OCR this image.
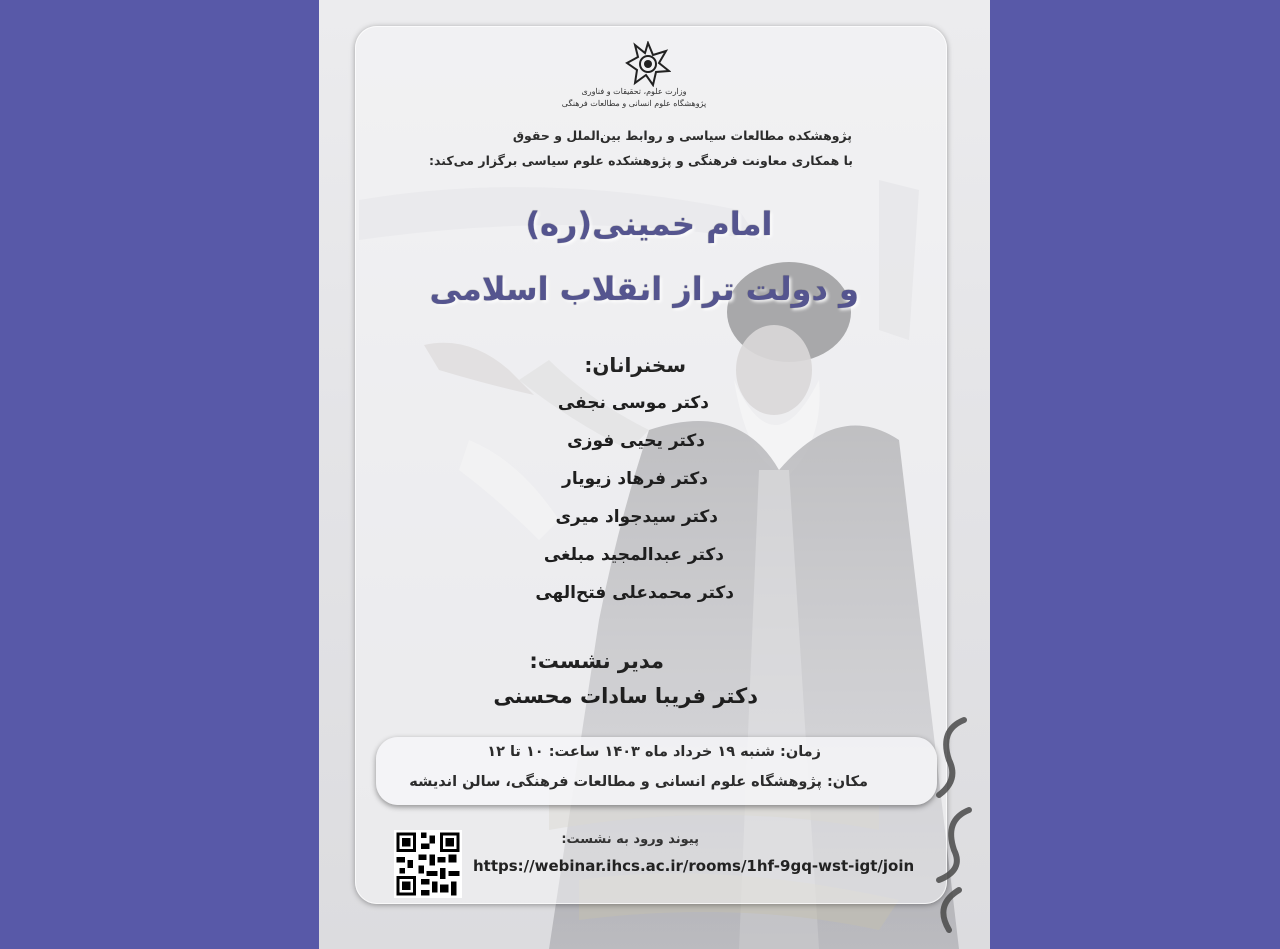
وزارت علوم، تحقیقات و فناوری
پژوهشگاه علوم انسانی و مطالعات فرهنگی
پژوهشکده مطالعات سیاسی و روابط بین‌الملل و حقوق
با همکاری معاونت فرهنگی و پژوهشکده علوم سیاسی برگزار می‌کند:
امام خمینی(ره)
و دولت تراز انقلاب اسلامی
سخنرانان:
دکتر موسی نجفی
دکتر یحیی فوزی
دکتر فرهاد زیویار
دکتر سیدجواد میری
دکتر عبدالمجید مبلغی
دکتر محمدعلی فتح‌الهی
مدیر نشست:
دکتر فریبا سادات محسنی
زمان: شنبه ۱۹ خرداد ماه ۱۴۰۳ ساعت: ۱۰ تا ۱۲
مکان: پژوهشگاه علوم انسانی و مطالعات فرهنگی، سالن اندیشه
پیوند ورود به نشست:
https://webinar.ihcs.ac.ir/rooms/1hf-9gq-wst-igt/join
